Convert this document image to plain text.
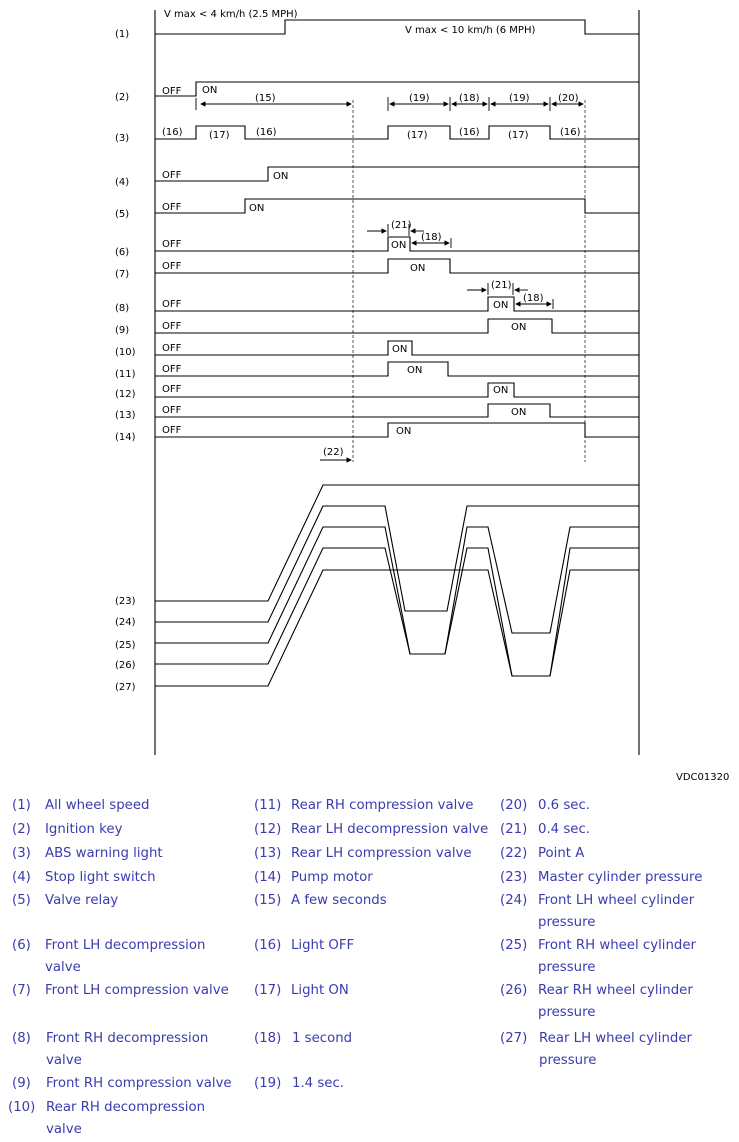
(1)
(2)
(3)
(4)
(5)
(6)
(7)
(8)
(9)
(10)
(11)
(12)
(13)
(14)
V max < 4 km/h (2.5 MPH)
V max < 10 km/h (6 MPH)
OFF ON
(15)	(19)	(18)	(19)	(20)
(16)	(17)	(16)	(17)	(16)	(17)	(16)
OFF	ON
OFF	ON
(21)
(18)
OFF	ON
OFF	ON
(21)
(18)
OFF	ON
OFF	ON
OFF	ON
OFF	ON
OFF	ON
OFF	ON
OFF	ON
(22)
(23)
(24)
(25)
(26)
(27)
VDC01320
(1) All wheel speed
(2) Ignition key
(3) ABS warning light
(4) Stop light switch
(5) Valve relay
(6) Front LH decompression valve
(7) Front LH compression valve
(8) Front RH decompression valve
(9) Front RH compression valve
(10) Rear RH decompression valve
(11) Rear RH compression valve
(12) Rear LH decompression valve
(13) Rear LH compression valve
(14) Pump motor
(15) A few seconds
(16) Light OFF
(17) Light ON
(18) 1 second
(19) 1.4 sec.
(20) 0.6 sec.
(21) 0.4 sec.
(22) Point A
(23) Master cylinder pressure
(24) Front LH wheel cylinder pressure
(25) Front RH wheel cylinder pressure
(26) Rear RH wheel cylinder pressure
(27) Rear LH wheel cylinder pressure
